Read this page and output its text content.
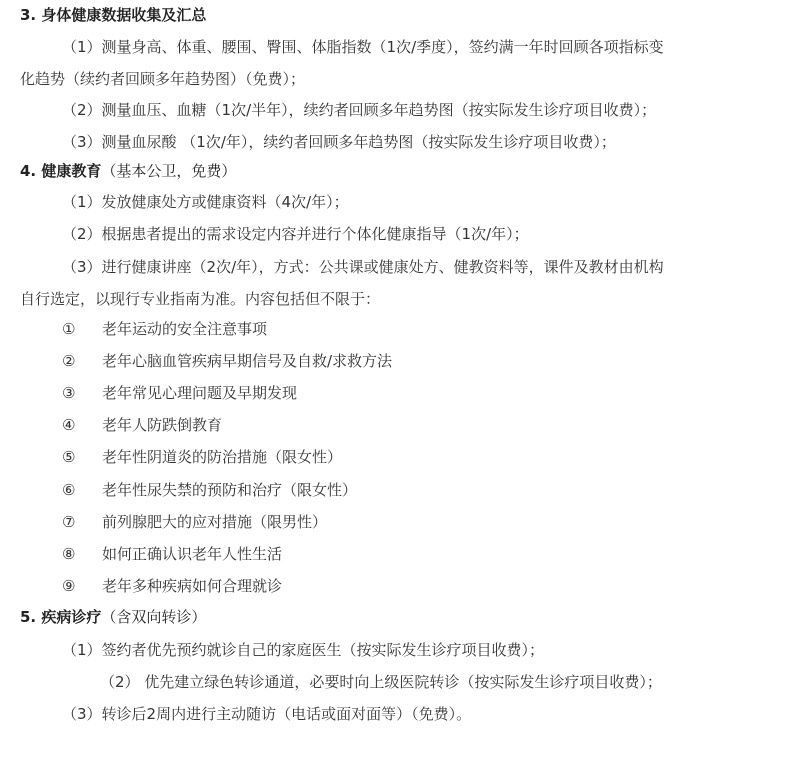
3. 身体健康数据收集及汇总
（1）测量身高、体重、腰围、臀围、体脂指数（1次/季度），签约满一年时回顾各项指标变
化趋势（续约者回顾多年趋势图）（免费）；
（2）测量血压、血糖（1次/半年），续约者回顾多年趋势图（按实际发生诊疗项目收费）；
（3）测量血尿酸 （1次/年），续约者回顾多年趋势图（按实际发生诊疗项目收费）；
4. 健康教育（基本公卫，免费）
（1）发放健康处方或健康资料（4次/年）；
（2）根据患者提出的需求设定内容并进行个体化健康指导（1次/年）；
（3）进行健康讲座（2次/年），方式：公共课或健康处方、健教资料等，课件及教材由机构
自行选定，以现行专业指南为准。内容包括但不限于：
① 老年运动的安全注意事项
② 老年心脑血管疾病早期信号及自救/求救方法
③ 老年常见心理问题及早期发现
④ 老年人防跌倒教育
⑤ 老年性阴道炎的防治措施（限女性）
⑥ 老年性尿失禁的预防和治疗（限女性）
⑦ 前列腺肥大的应对措施（限男性）
⑧ 如何正确认识老年人性生活
⑨ 老年多种疾病如何合理就诊
5. 疾病诊疗（含双向转诊）
（1）签约者优先预约就诊自己的家庭医生（按实际发生诊疗项目收费）；
（2） 优先建立绿色转诊通道，必要时向上级医院转诊（按实际发生诊疗项目收费）；
（3）转诊后2周内进行主动随访（电话或面对面等）（免费）。
